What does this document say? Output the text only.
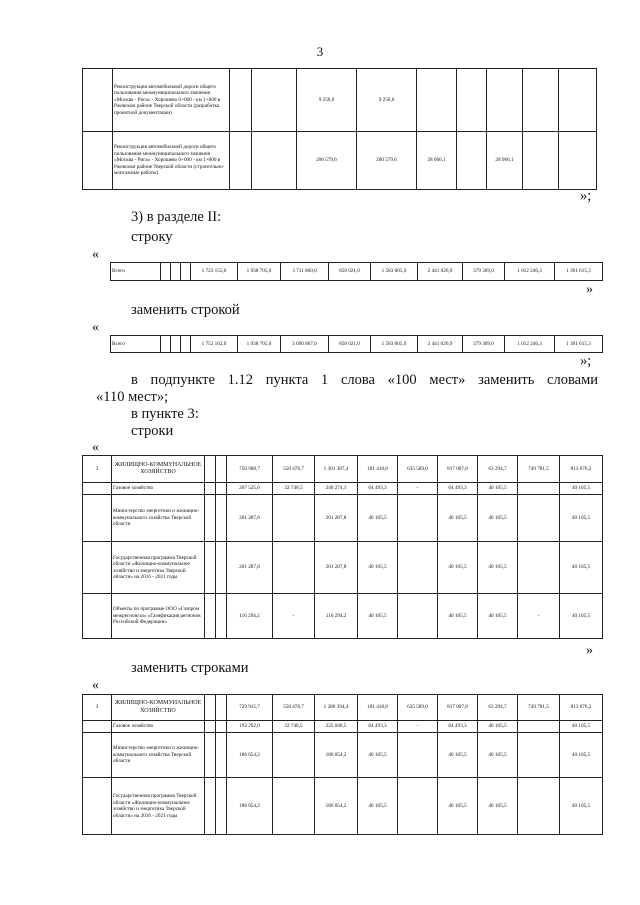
3
	Реконструкция автомобильной дороги общего пользования межмуниципального значения «Москва - Рига» - Хорошево 0+000 - км 1+000 в Ржевском районе Тверской области (разработка проектной документации)			9 250,0	9 250,0					
	Реконструкция автомобильной дороги общего пользования межмуниципального значения «Москва - Рига» - Хорошево 0+000 - км 1+000 в Ржевском районе Тверской области (строительно-монтажные работы)			200 579,6	200 579,6	28 066,1		28 066,1		
»;
3) в разделе II:
строку
«
Всего				1 723 155,0	1 938 705,0	3 711 860,0	858 021,0	1 583 005,9	2 441 026,9	379 369,0	1 012 246,3	1 391 615,3
»
заменить строкой
«
Всего				1 752 162,0	1 938 705,0	3 690 867,0	858 021,0	1 583 005,9	2 441 026,9	379 369,0	1 012 246,3	1 391 615,3
»;
в подпункте 1.12 пункта 1 слова «100 мест» заменить словами
«110 мест»;
в пункте 3:
строки
«
3	ЖИЛИЩНО-КОММУНАЛЬНОЕ ХОЗЯЙСТВО			750 908,7	550 478,7	1 301 387,4	181 418,8	635 589,0	817 007,8	63 294,7	749 781,5	813 076,2
	Газовое хозяйство			207 525,6	32 748,5	240 274,1	64 493,3	-	64 493,3	40 105,5		40 105,5
	Министерство энергетики и жилищно-коммунального хозяйства Тверской области			201 287,8		201 287,8	40 105,5		40 105,5	40 105,5		40 105,5
	Государственная программа Тверской области «Жилищно-коммунальное хозяйство и энергетика Тверской области» на 2016 - 2021 годы			201 287,8		201 287,8	40 105,5		40 105,5	40 105,5		40 105,5
	Объекты по программе ООО «Газпром межрегионгаз» «Газификация регионов Российской Федерации»			116 294,2	-	116 294,2	40 105,5		40 105,5	40 105,5	-	40 105,5
»
заменить строками
«
3	ЖИЛИЩНО-КОММУНАЛЬНОЕ ХОЗЯЙСТВО			729 915,7	550 478,7	1 280 394,4	181 418,8	635 589,0	817 007,8	63 294,7	749 781,5	813 076,2
	Газовое хозяйство			192 292,0	32 748,5	225 040,5	64 493,3	-	64 493,3	40 105,5		40 105,5
	Министерство энергетики и жилищно-коммунального хозяйства Тверской области			186 054,2		186 054,2	40 105,5		40 105,5	40 105,5		40 105,5
	Государственная программа Тверской области «Жилищно-коммунальное хозяйство и энергетика Тверской области» на 2016 - 2021 годы			186 054,2		186 054,2	40 105,5		40 105,5	40 105,5		40 105,5
